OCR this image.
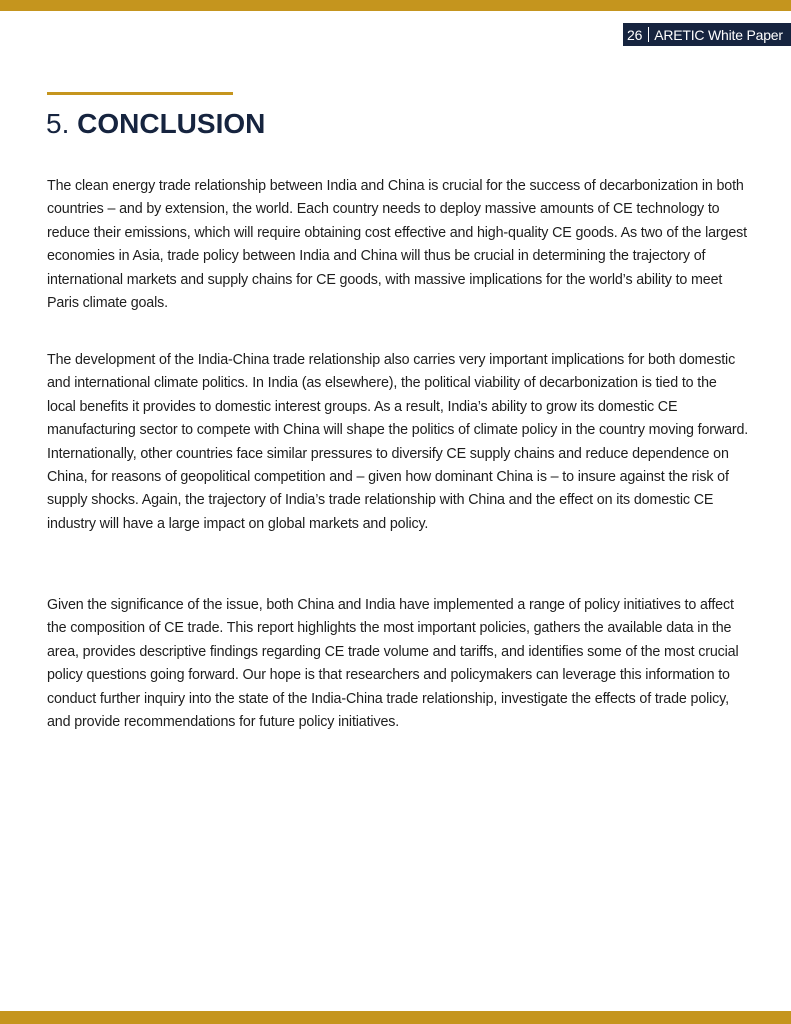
26 ARETIC White Paper
5. CONCLUSION

The clean energy trade relationship between India and China is crucial for the success of decarbonization in both countries – and by extension, the world. Each country needs to deploy massive amounts of CE technology to reduce their emissions, which will require obtaining cost effective and high-quality CE goods. As two of the largest economies in Asia, trade policy between India and China will thus be crucial in determining the trajectory of international markets and supply chains for CE goods, with massive implications for the world’s ability to meet Paris climate goals.

The development of the India-China trade relationship also carries very important implications for both domestic and international climate politics. In India (as elsewhere), the political viability of decarbonization is tied to the local benefits it provides to domestic interest groups. As a result, India’s ability to grow its domestic CE manufacturing sector to compete with China will shape the politics of climate policy in the country moving forward. Internationally, other countries face similar pressures to diversify CE supply chains and reduce dependence on China, for reasons of geopolitical competition and – given how dominant China is – to insure against the risk of supply shocks. Again, the trajectory of India’s trade relationship with China and the effect on its domestic CE industry will have a large impact on global markets and policy.

Given the significance of the issue, both China and India have implemented a range of policy initiatives to affect the composition of CE trade. This report highlights the most important policies, gathers the available data in the area, provides descriptive findings regarding CE trade volume and tariffs, and identifies some of the most crucial policy questions going forward. Our hope is that researchers and policymakers can leverage this information to conduct further inquiry into the state of the India-China trade relationship, investigate the effects of trade policy, and provide recommendations for future policy initiatives.
